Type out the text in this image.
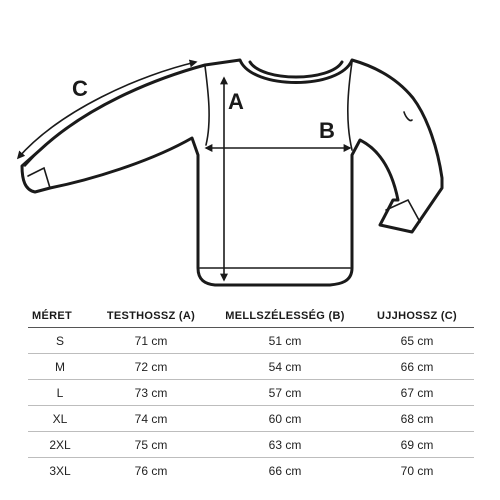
A
B
C
MÉRET	TESTHOSSZ (A)	MELLSZÉLESSÉG (B)	UJJHOSSZ (C)
S	71 cm	51 cm	65 cm
M	72 cm	54 cm	66 cm
L	73 cm	57 cm	67 cm
XL	74 cm	60 cm	68 cm
2XL	75 cm	63 cm	69 cm
3XL	76 cm	66 cm	70 cm
